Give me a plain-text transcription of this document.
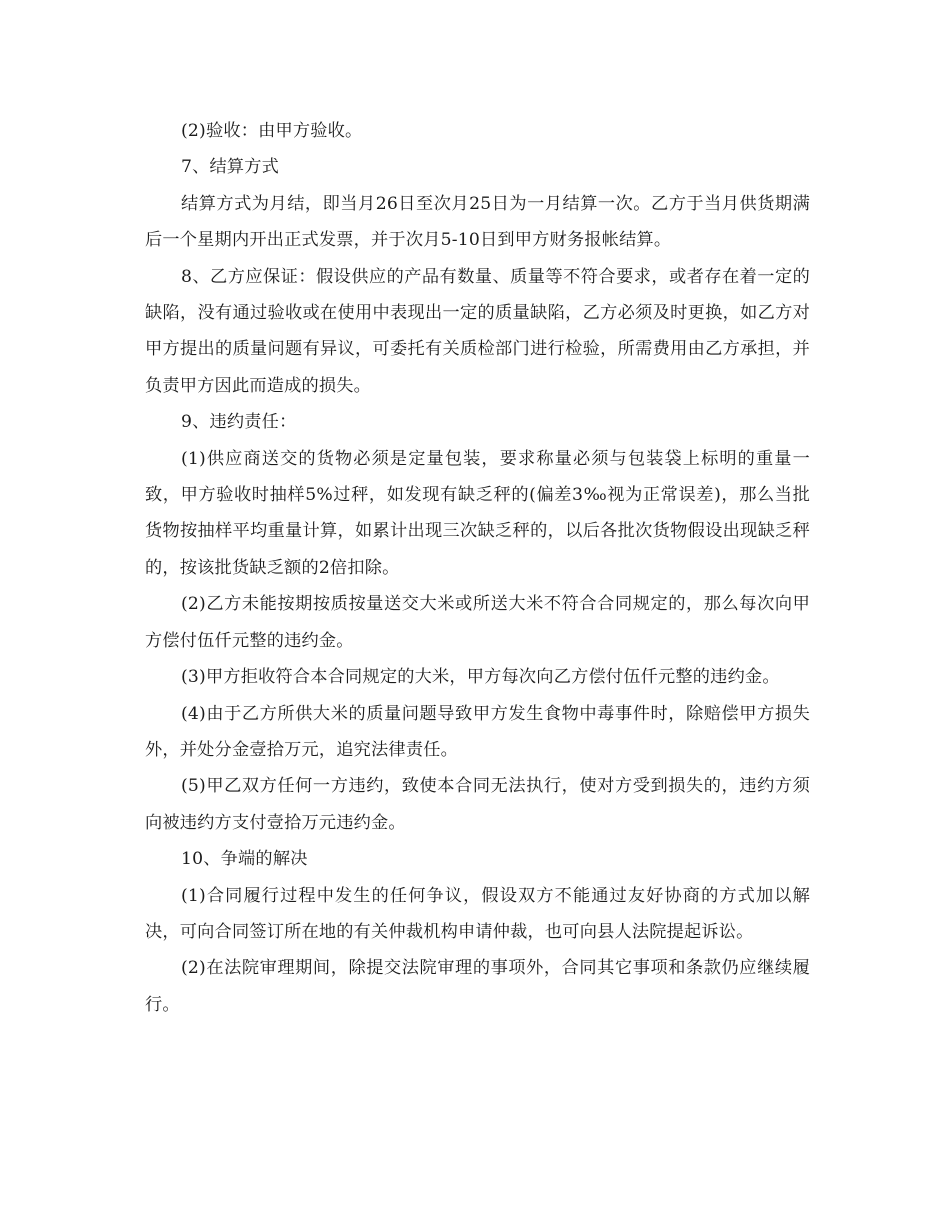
(2)验收：由甲方验收。

7、结算方式

结算方式为月结，即当月26日至次月25日为一月结算一次。乙方于当月供货期满后一个星期内开出正式发票，并于次月5-10日到甲方财务报帐结算。

8、乙方应保证：假设供应的产品有数量、质量等不符合要求，或者存在着一定的缺陷，没有通过验收或在使用中表现出一定的质量缺陷，乙方必须及时更换，如乙方对甲方提出的质量问题有异议，可委托有关质检部门进行检验，所需费用由乙方承担，并负责甲方因此而造成的损失。

9、违约责任：

(1)供应商送交的货物必须是定量包装，要求称量必须与包装袋上标明的重量一致，甲方验收时抽样5%过秤，如发现有缺乏秤的(偏差3‰视为正常误差)，那么当批货物按抽样平均重量计算，如累计出现三次缺乏秤的，以后各批次货物假设出现缺乏秤的，按该批货缺乏额的2倍扣除。

(2)乙方未能按期按质按量送交大米或所送大米不符合合同规定的，那么每次向甲方偿付伍仟元整的违约金。

(3)甲方拒收符合本合同规定的大米，甲方每次向乙方偿付伍仟元整的违约金。

(4)由于乙方所供大米的质量问题导致甲方发生食物中毒事件时，除赔偿甲方损失外，并处分金壹拾万元，追究法律责任。

(5)甲乙双方任何一方违约，致使本合同无法执行，使对方受到损失的，违约方须向被违约方支付壹拾万元违约金。

10、争端的解决

(1)合同履行过程中发生的任何争议，假设双方不能通过友好协商的方式加以解决，可向合同签订所在地的有关仲裁机构申请仲裁，也可向县人法院提起诉讼。

(2)在法院审理期间，除提交法院审理的事项外，合同其它事项和条款仍应继续履行。
